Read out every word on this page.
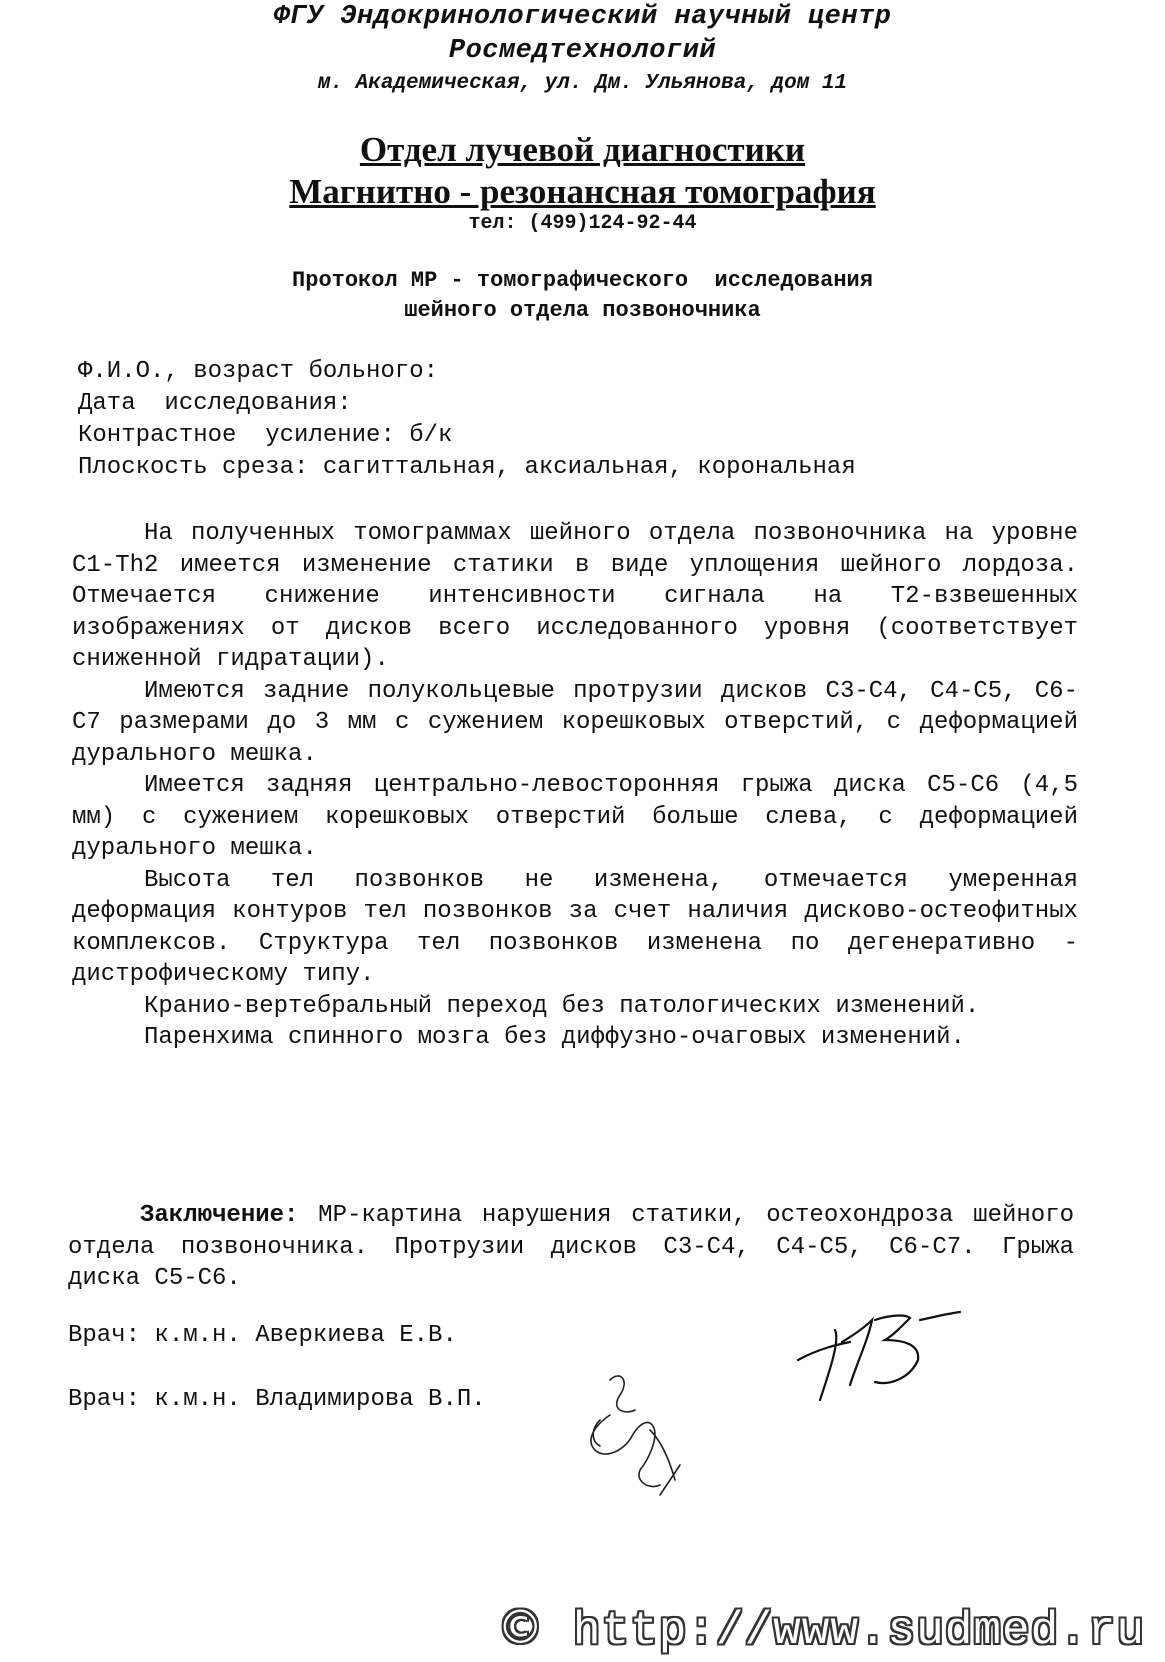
ФГУ Эндокринологический научный центр
Росмедтехнологий
м. Академическая, ул. Дм. Ульянова, дом 11
Отдел лучевой диагностики
Магнитно - резонансная томография
тел: (499)124-92-44
Протокол МР - томографического  исследования
шейного отдела позвоночника
Ф.И.О., возраст больного:
Дата  исследования:
Контрастное  усиление: б/к
Плоскость среза: сагиттальная, аксиальная, корональная

На полученных томограммах шейного отдела позвоночника на уровне C1-Th2 имеется изменение статики в виде уплощения шейного лордоза. Отмечается снижение интенсивности сигнала на Т2-взвешенных изображениях от дисков всего исследованного уровня (соответствует сниженной гидратации).

Имеются задние полукольцевые протрузии дисков С3-С4, С4-С5, С6-С7 размерами до 3 мм с сужением корешковых отверстий, с деформацией дурального мешка.

Имеется задняя центрально-левосторонняя грыжа диска С5-С6 (4,5 мм) с сужением корешковых отверстий больше слева, с деформацией дурального мешка.

Высота тел позвонков не изменена, отмечается умеренная деформация контуров тел позвонков за счет наличия дисково-остеофитных комплексов. Структура тел позвонков изменена по дегенеративно - дистрофическому типу.

Кранио-вертебральный переход без патологических изменений.

Паренхима спинного мозга без диффузно-очаговых изменений.

Заключение: МР-картина нарушения статики, остеохондроза шейного отдела позвоночника. Протрузии дисков С3-С4, С4-С5, С6-С7. Грыжа диска С5-С6.
Врач: к.м.н. Аверкиева Е.В.
Врач: к.м.н. Владимирова В.П.
© http://www.sudmed.ru
